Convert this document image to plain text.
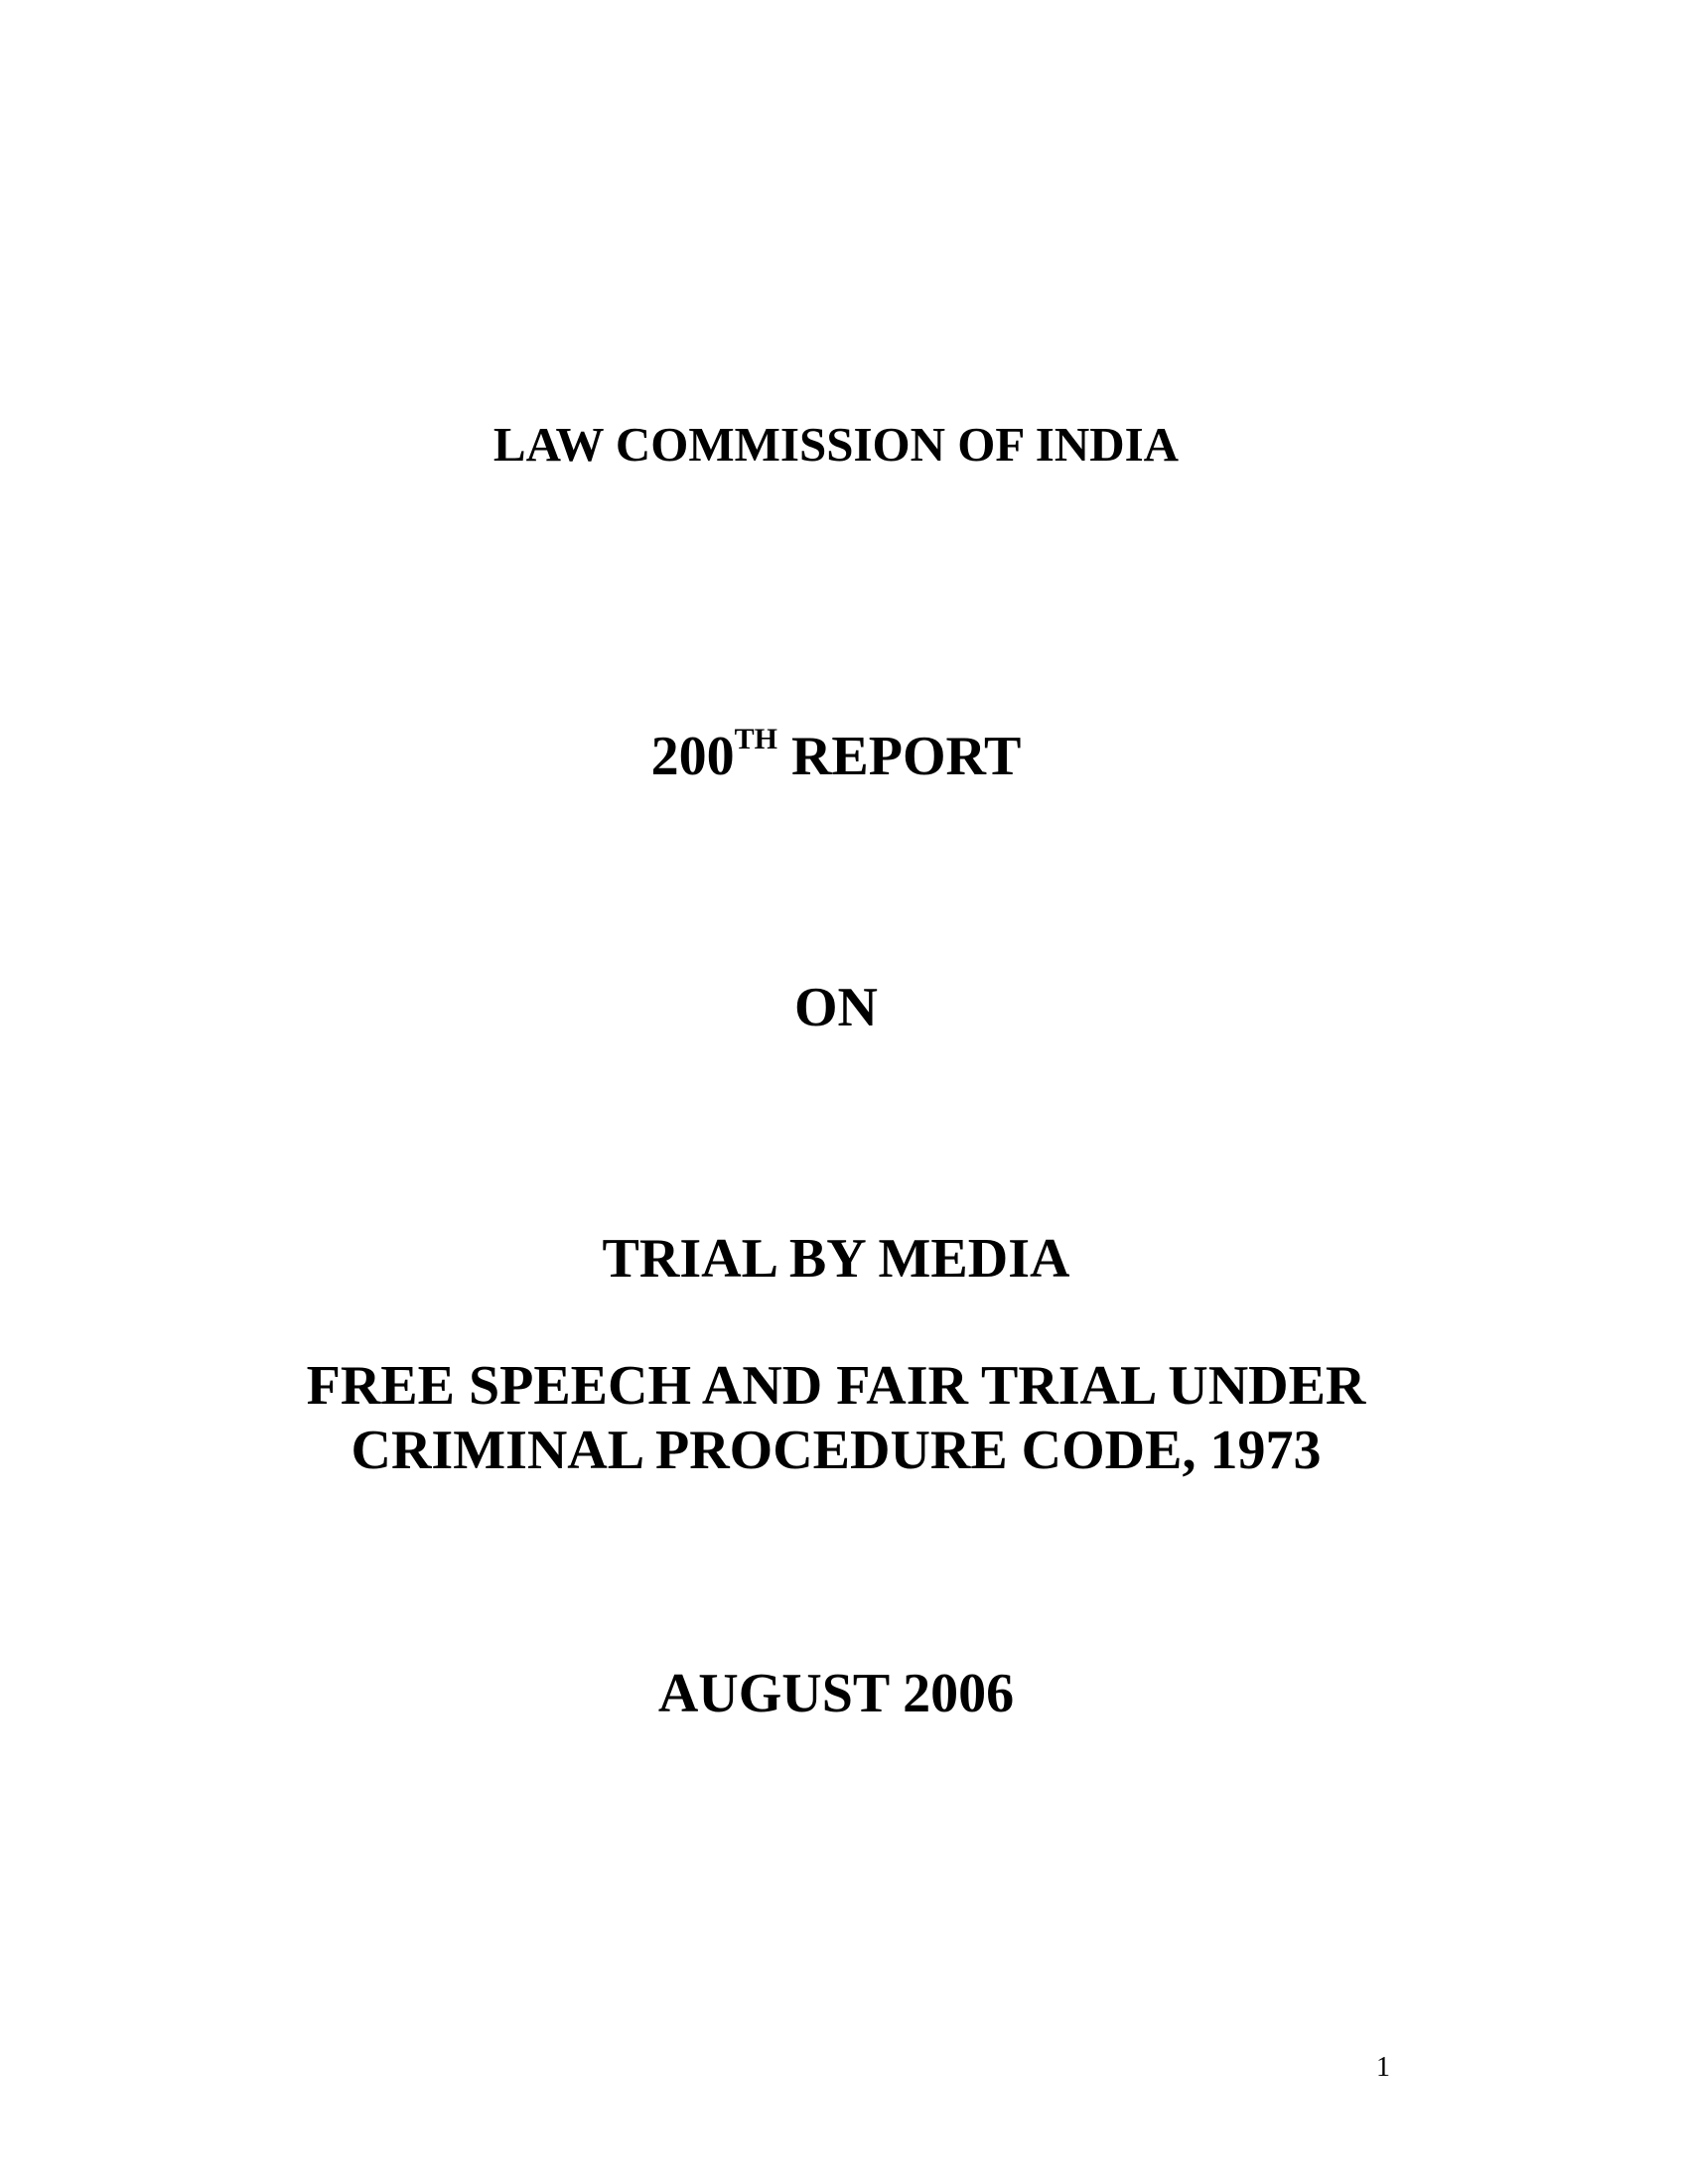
LAW COMMISSION OF INDIA
200TH REPORT
ON
TRIAL BY MEDIA
FREE SPEECH AND FAIR TRIAL UNDER
CRIMINAL PROCEDURE CODE, 1973
AUGUST 2006
1
